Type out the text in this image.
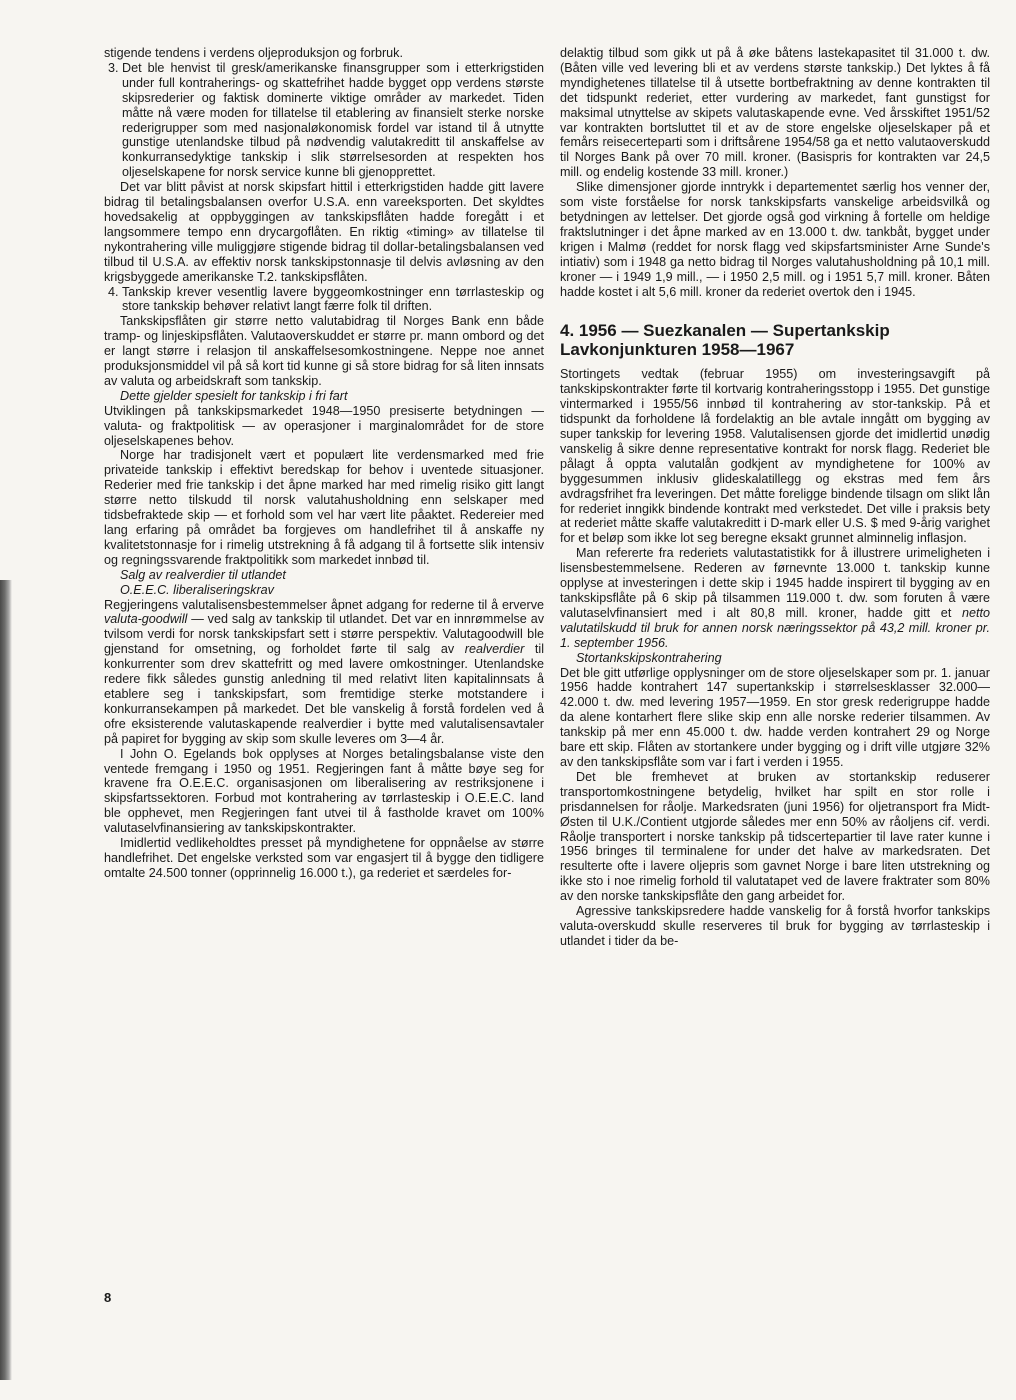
stigende tendens i verdens oljeproduksjon og forbruk.

3. Det ble henvist til gresk/amerikanske finansgrupper som i etterkrigstiden under full kontraherings- og skattefrihet hadde bygget opp verdens største skipsrederier og faktisk dominerte viktige områder av markedet. Tiden måtte nå være moden for tillatelse til etablering av finansielt sterke norske rederigrupper som med nasjonaløkonomisk fordel var istand til å utnytte gunstige utenlandske tilbud på nødvendig valutakreditt til anskaffelse av konkurransedyktige tankskip i slik størrelsesorden at respekten hos oljeselskapene for norsk service kunne bli gjenopprettet.

Det var blitt påvist at norsk skipsfart hittil i etterkrigstiden hadde gitt lavere bidrag til betalingsbalansen overfor U.S.A. enn vareeksporten. Det skyldtes hovedsakelig at oppbyggingen av tankskipsflåten hadde foregått i et langsommere tempo enn drycargoflåten. En riktig «timing» av tillatelse til nykontrahering ville muliggjøre stigende bidrag til dollar-betalingsbalansen ved tilbud til U.S.A. av effektiv norsk tankskipstonnasje til delvis avløsning av den krigsbyggede amerikanske T.2. tankskipsflåten.

4. Tankskip krever vesentlig lavere byggeomkostninger enn tørrlasteskip og store tankskip behøver relativt langt færre folk til driften.

Tankskipsflåten gir større netto valutabidrag til Norges Bank enn både tramp- og linjeskipsflåten. Valutaoverskuddet er større pr. mann ombord og det er langt større i relasjon til anskaffelsesomkostningene. Neppe noe annet produksjonsmiddel vil på så kort tid kunne gi så store bidrag for så liten innsats av valuta og arbeidskraft som tankskip.

Dette gjelder spesielt for tankskip i fri fart

Utviklingen på tankskipsmarkedet 1948—1950 presiserte betydningen — valuta- og fraktpolitisk — av operasjoner i marginalområdet for de store oljeselskapenes behov.

Norge har tradisjonelt vært et populært lite verdensmarked med frie privateide tankskip i effektivt beredskap for behov i uventede situasjoner. Rederier med frie tankskip i det åpne marked har med rimelig risiko gitt langt større netto tilskudd til norsk valutahusholdning enn selskaper med tidsbefraktede skip — et forhold som vel har vært lite påaktet. Redereier med lang erfaring på området ba forgjeves om handlefrihet til å anskaffe ny kvalitetstonnasje for i rimelig utstrekning å få adgang til å fortsette slik intensiv og regningssvarende fraktpolitikk som markedet innbød til.

Salg av realverdier til utlandet

O.E.E.C. liberaliseringskrav

Regjeringens valutalisensbestemmelser åpnet adgang for rederne til å erverve valuta-goodwill — ved salg av tankskip til utlandet. Det var en innrømmelse av tvilsom verdi for norsk tankskipsfart sett i større perspektiv. Valutagoodwill ble gjenstand for omsetning, og forholdet førte til salg av realverdier til konkurrenter som drev skattefritt og med lavere omkostninger. Utenlandske redere fikk således gunstig anledning til med relativt liten kapitalinnsats å etablere seg i tankskipsfart, som fremtidige sterke motstandere i konkurransekampen på markedet. Det ble vanskelig å forstå fordelen ved å ofre eksisterende valutaskapende realverdier i bytte med valutalisensavtaler på papiret for bygging av skip som skulle leveres om 3—4 år.

I John O. Egelands bok opplyses at Norges betalingsbalanse viste den ventede fremgang i 1950 og 1951. Regjeringen fant å måtte bøye seg for kravene fra O.E.E.C. organisasjonen om liberalisering av restriksjonene i skipsfartssektoren. Forbud mot kontrahering av tørrlasteskip i O.E.E.C. land ble opphevet, men Regjeringen fant utvei til å fastholde kravet om 100% valutaselvfinansiering av tankskipskontrakter.

Imidlertid vedlikeholdtes presset på myndighetene for oppnåelse av større handlefrihet. Det engelske verksted som var engasjert til å bygge den tidligere omtalte 24.500 tonner (opprinnelig 16.000 t.), ga rederiet et særdeles for-

delaktig tilbud som gikk ut på å øke båtens lastekapasitet til 31.000 t. dw. (Båten ville ved levering bli et av verdens største tankskip.) Det lyktes å få myndighetenes tillatelse til å utsette bortbefraktning av denne kontrakten til det tidspunkt rederiet, etter vurdering av markedet, fant gunstigst for maksimal utnyttelse av skipets valutaskapende evne. Ved årsskiftet 1951/52 var kontrakten bortsluttet til et av de store engelske oljeselskaper på et femårs reisecerteparti som i driftsårene 1954/58 ga et netto valutaoverskudd til Norges Bank på over 70 mill. kroner. (Basispris for kontrakten var 24,5 mill. og endelig kostende 33 mill. kroner.)

Slike dimensjoner gjorde inntrykk i departementet særlig hos venner der, som viste forståelse for norsk tankskipsfarts vanskelige arbeidsvilkå og betydningen av lettelser. Det gjorde også god virkning å fortelle om heldige fraktslutninger i det åpne marked av en 13.000 t. dw. tankbåt, bygget under krigen i Malmø (reddet for norsk flagg ved skipsfartsminister Arne Sunde's intiativ) som i 1948 ga netto bidrag til Norges valutahusholdning på 10,1 mill. kroner — i 1949 1,9 mill., — i 1950 2,5 mill. og i 1951 5,7 mill. kroner. Båten hadde kostet i alt 5,6 mill. kroner da rederiet overtok den i 1945.

4. 1956 — Suezkanalen — Supertankskip Lavkonjunkturen 1958—1967

Stortingets vedtak (februar 1955) om investeringsavgift på tankskipskontrakter førte til kortvarig kontraheringsstopp i 1955. Det gunstige vintermarked i 1955/56 innbød til kontrahering av stor-tankskip. På et tidspunkt da forholdene lå fordelaktig an ble avtale inngått om bygging av super tankskip for levering 1958. Valutalisensen gjorde det imidlertid unødig vanskelig å sikre denne representative kontrakt for norsk flagg. Rederiet ble pålagt å oppta valutalån godkjent av myndighetene for 100% av byggesummen inklusiv glideskalatillegg og ekstras med fem års avdragsfrihet fra leveringen. Det måtte foreligge bindende tilsagn om slikt lån for rederiet inngikk bindende kontrakt med verkstedet. Det ville i praksis bety at rederiet måtte skaffe valutakreditt i D-mark eller U.S. $ med 9-årig varighet for et beløp som ikke lot seg beregne eksakt grunnet alminnelig inflasjon.

Man refererte fra rederiets valutastatistikk for å illustrere urimeligheten i lisensbestemmelsene. Rederen av førnevnte 13.000 t. tankskip kunne opplyse at investeringen i dette skip i 1945 hadde inspirert til bygging av en tankskipsflåte på 6 skip på tilsammen 119.000 t. dw. som foruten å være valutaselvfinansiert med i alt 80,8 mill. kroner, hadde gitt et netto valutatilskudd til bruk for annen norsk næringssektor på 43,2 mill. kroner pr. 1. september 1956.

Stortankskipskontrahering

Det ble gitt utførlige opplysninger om de store oljeselskaper som pr. 1. januar 1956 hadde kontrahert 147 supertankskip i størrelsesklasser 32.000—42.000 t. dw. med levering 1957—1959. En stor gresk rederigruppe hadde da alene kontarhert flere slike skip enn alle norske rederier tilsammen. Av tankskip på mer enn 45.000 t. dw. hadde verden kontrahert 29 og Norge bare ett skip. Flåten av stortankere under bygging og i drift ville utgjøre 32% av den tankskipsflåte som var i fart i verden i 1955.

Det ble fremhevet at bruken av stortankskip reduserer transportomkostningene betydelig, hvilket har spilt en stor rolle i prisdannelsen for råolje. Markedsraten (juni 1956) for oljetransport fra Midt-Østen til U.K./Contient utgjorde således mer enn 50% av råoljens cif. verdi. Råolje transportert i norske tankskip på tidscertepartier til lave rater kunne i 1956 bringes til terminalene for under det halve av markedsraten. Det resulterte ofte i lavere oljepris som gavnet Norge i bare liten utstrekning og ikke sto i noe rimelig forhold til valutatapet ved de lavere fraktrater som 80% av den norske tankskipsflåte den gang arbeidet for.

Agressive tankskipsredere hadde vanskelig for å forstå hvorfor tankskips valuta-overskudd skulle reserveres til bruk for bygging av tørrlasteskip i utlandet i tider da be-

8
